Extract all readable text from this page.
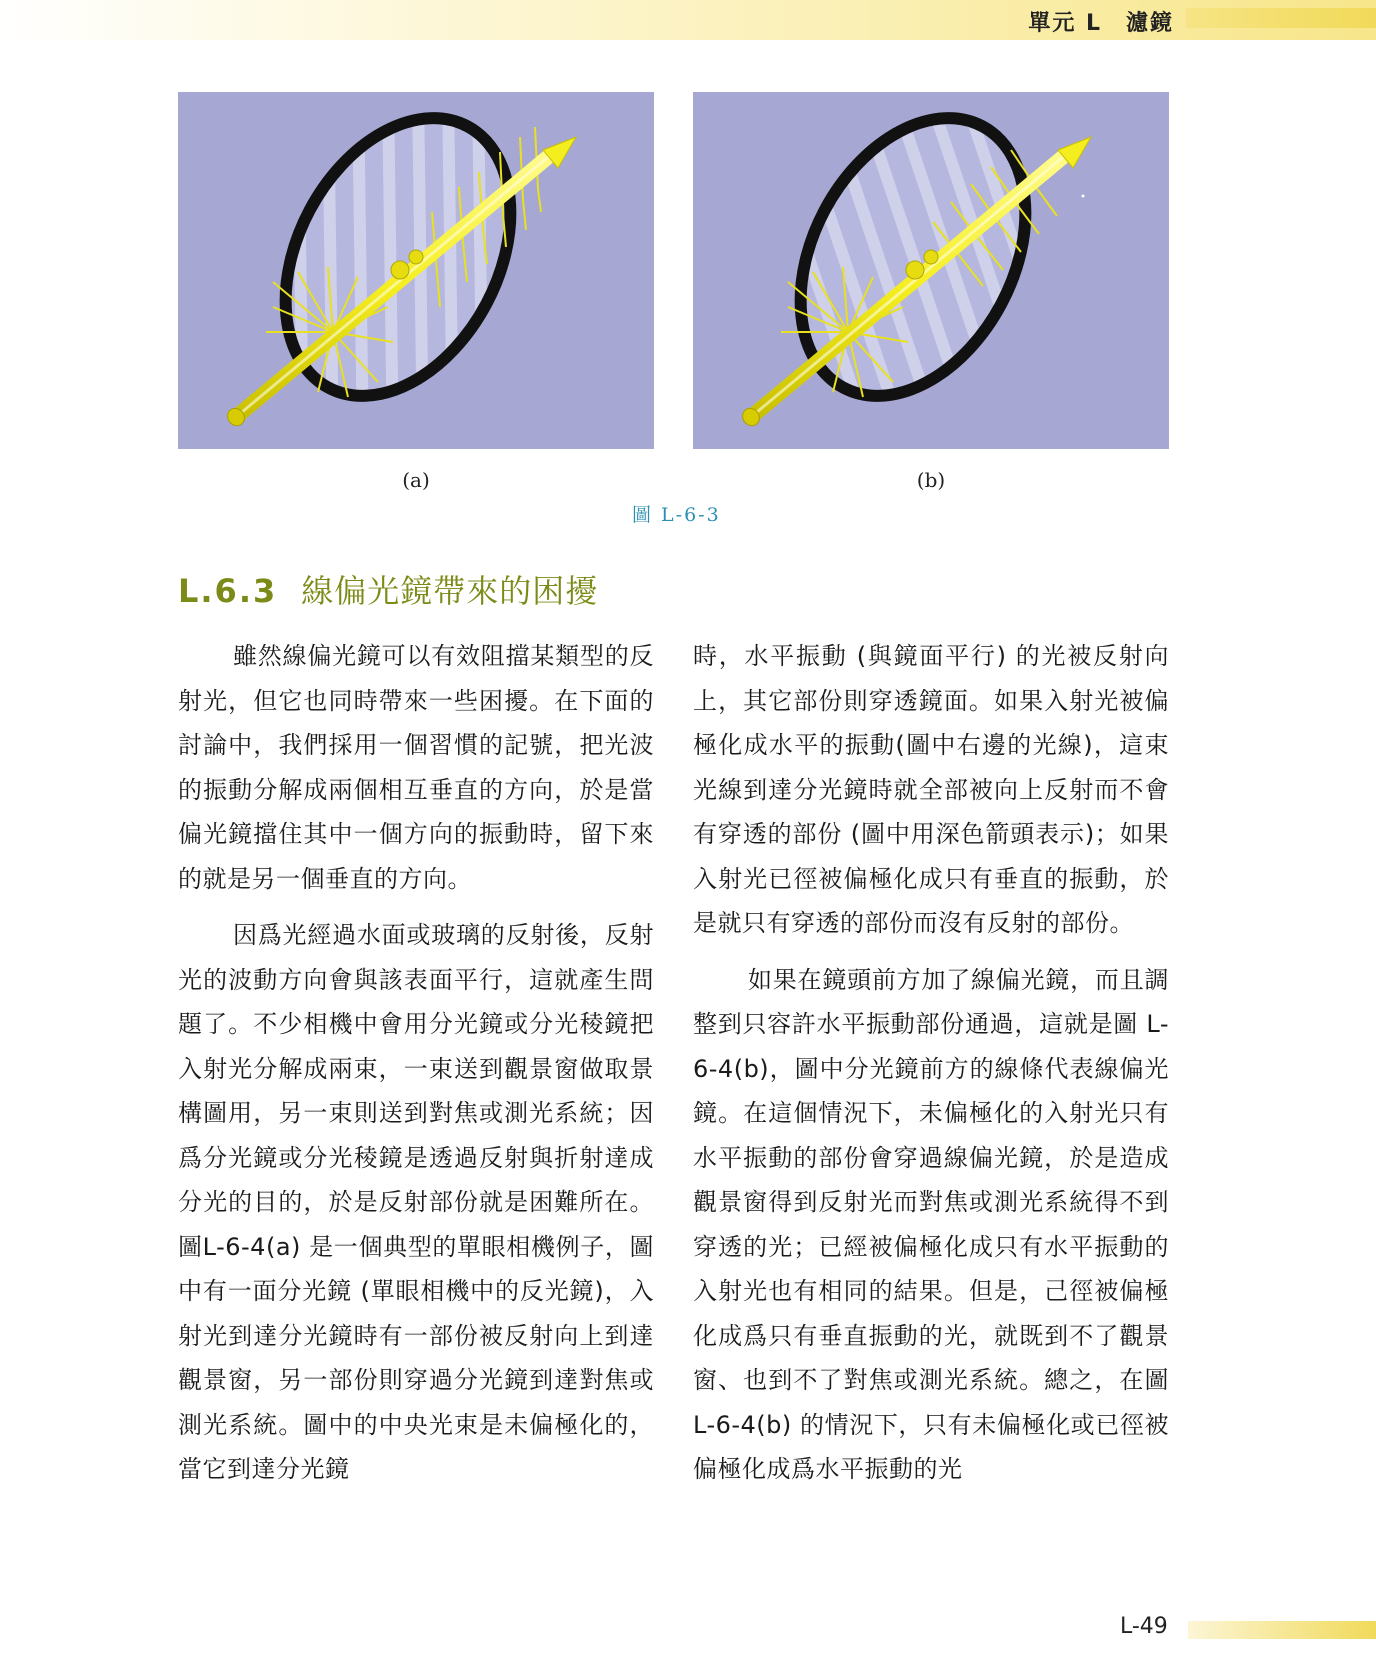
單元 L　濾鏡
(a)	(b)
圖 L-6-3
L.6.3 線偏光鏡帶來的困擾

雖然線偏光鏡可以有效阻擋某類型的反射光，但它也同時帶來一些困擾。在下面的討論中，我們採用一個習慣的記號，把光波的振動分解成兩個相互垂直的方向，於是當偏光鏡擋住其中一個方向的振動時，留下來的就是另一個垂直的方向。

因爲光經過水面或玻璃的反射後，反射光的波動方向會與該表面平行，這就產生問題了。不少相機中會用分光鏡或分光稜鏡把入射光分解成兩束，一束送到觀景窗做取景構圖用，另一束則送到對焦或測光系統；因爲分光鏡或分光稜鏡是透過反射與折射達成分光的目的，於是反射部份就是困難所在。圖L-6-4(a) 是一個典型的單眼相機例子，圖中有一面分光鏡 (單眼相機中的反光鏡)，入射光到達分光鏡時有一部份被反射向上到達觀景窗，另一部份則穿過分光鏡到達對焦或測光系統。圖中的中央光束是未偏極化的，當它到達分光鏡

時，水平振動 (與鏡面平行) 的光被反射向上，其它部份則穿透鏡面。如果入射光被偏極化成水平的振動(圖中右邊的光線)，這束光線到達分光鏡時就全部被向上反射而不會有穿透的部份 (圖中用深色箭頭表示)；如果入射光已徑被偏極化成只有垂直的振動，於是就只有穿透的部份而沒有反射的部份。

如果在鏡頭前方加了線偏光鏡，而且調整到只容許水平振動部份通過，這就是圖 L-6-4(b)，圖中分光鏡前方的線條代表線偏光鏡。在這個情況下，未偏極化的入射光只有水平振動的部份會穿過線偏光鏡，於是造成觀景窗得到反射光而對焦或測光系統得不到穿透的光；已經被偏極化成只有水平振動的入射光也有相同的結果。但是，己徑被偏極化成爲只有垂直振動的光，就既到不了觀景窗、也到不了對焦或測光系統。總之，在圖L-6-4(b) 的情況下，只有未偏極化或已徑被偏極化成爲水平振動的光

L-49
